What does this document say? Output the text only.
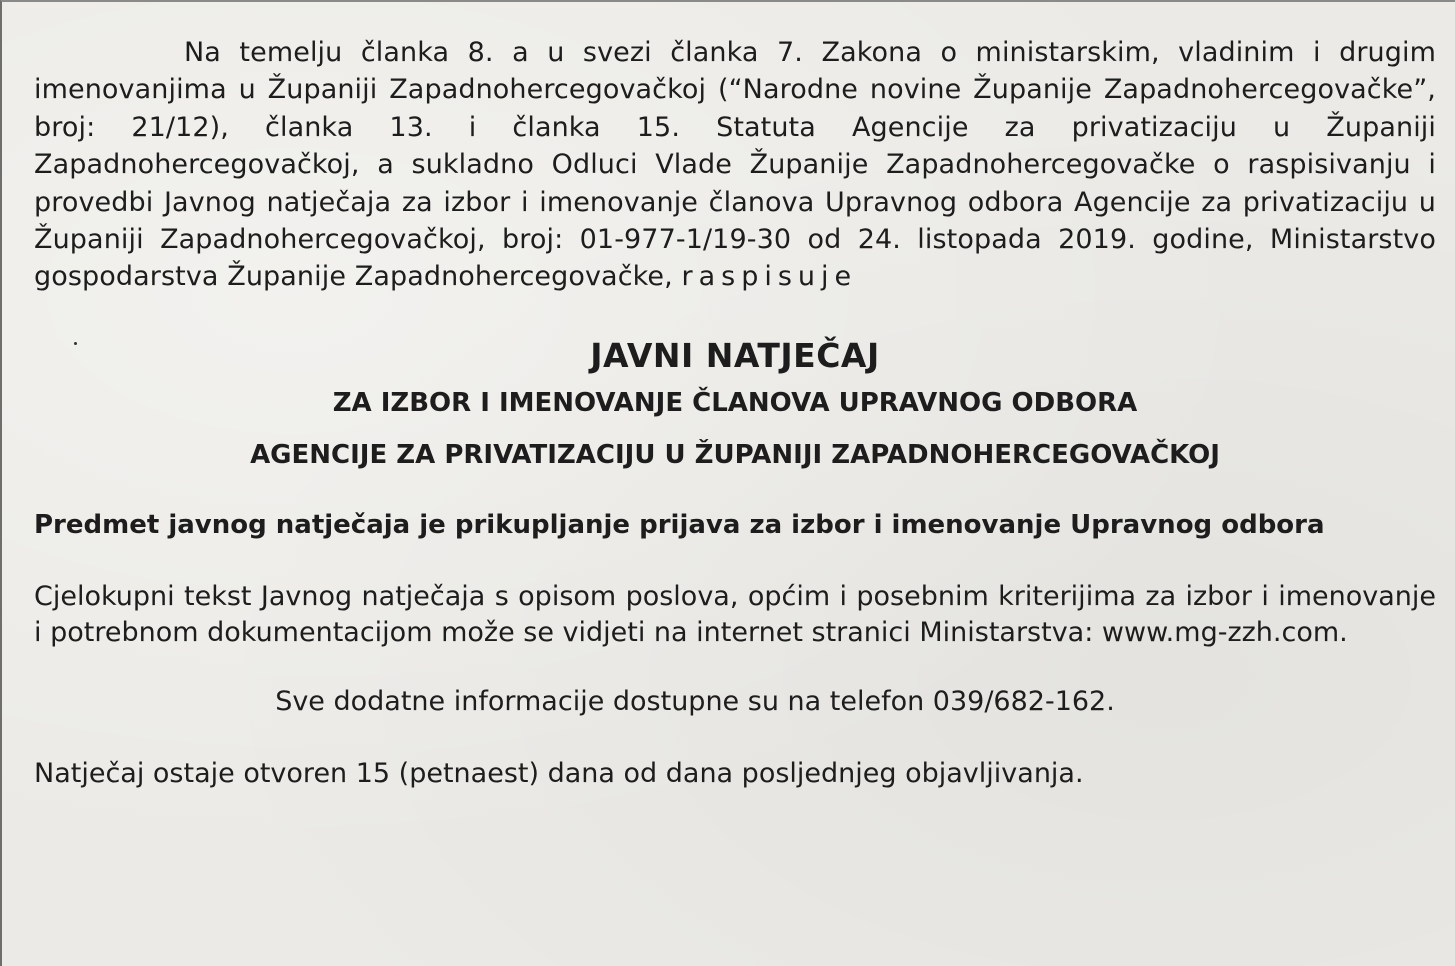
Na temelju članka 8. a u svezi članka 7. Zakona o ministarskim, vladinim i drugim imenovanjima u Županiji Zapadnohercegovačkoj (“Narodne novine Županije Zapadnohercegovačke”, broj: 21/12), članka 13. i članka 15. Statuta Agencije za privatizaciju u Županiji Zapadnohercegovačkoj, a sukladno Odluci Vlade Županije Zapadnohercegovačke o raspisivanju i provedbi Javnog natječaja za izbor i imenovanje članova Upravnog odbora Agencije za privatizaciju u Županiji Zapadnohercegovačkoj, broj: 01-977-1/19-30 od 24. listopada 2019. godine, Ministarstvo gospodarstva Županije Zapadnohercegovačke, raspisuje

JAVNI NATJEČAJ
ZA IZBOR I IMENOVANJE ČLANOVA UPRAVNOG ODBORA
AGENCIJE ZA PRIVATIZACIJU U ŽUPANIJI ZAPADNOHERCEGOVAČKOJ

Predmet javnog natječaja je prikupljanje prijava za izbor i imenovanje Upravnog odbora

Cjelokupni tekst Javnog natječaja s opisom poslova, općim i posebnim kriterijima za izbor i imenovanje i potrebnom dokumentacijom može se vidjeti na internet stranici Ministarstva: www.mg-zzh.com.

Sve dodatne informacije dostupne su na telefon 039/682-162.

Natječaj ostaje otvoren 15 (petnaest) dana od dana posljednjeg objavljivanja.
